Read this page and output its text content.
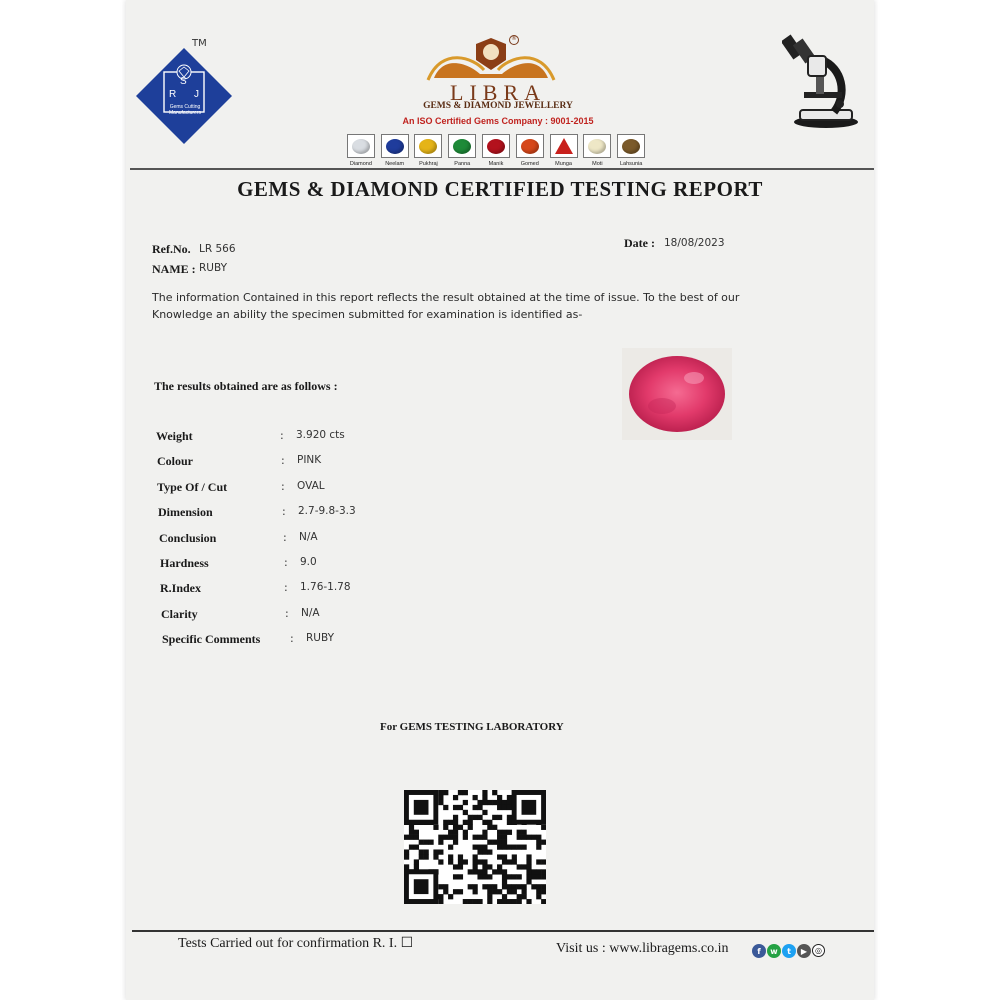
S
R J
Gems Cutting Manufacturers
TM	®
LIBRA
GEMS & DIAMOND JEWELLERY
An ISO Certified Gems Company : 9001-2015
Diamond Neelam	Pukhraj	Panna	Manik	Gomed	Munga	Moti	Lahsunia
GEMS & DIAMOND CERTIFIED TESTING REPORT
Ref.No. LR 566
NAME : RUBY
Date : 18/08/2023
The information Contained in this report reflects the result obtained at the time of issue. To the best of our
Knowledge an ability the specimen submitted for examination is identified as-
The results obtained are as follows :
Weight	: 3.920 cts
Colour	: PINK
Type Of / Cut	: OVAL
Dimension	: 2.7-9.8-3.3
Conclusion	: N/A
Hardness	: 9.0
R.Index	: 1.76-1.78
Clarity	: N/A
Specific Comments	: RUBY
For GEMS TESTING LABORATORY
Tests Carried out for confirmation R. I. ☐	Visit us : www.libragems.co.in	f	w	t	▶ ◎
